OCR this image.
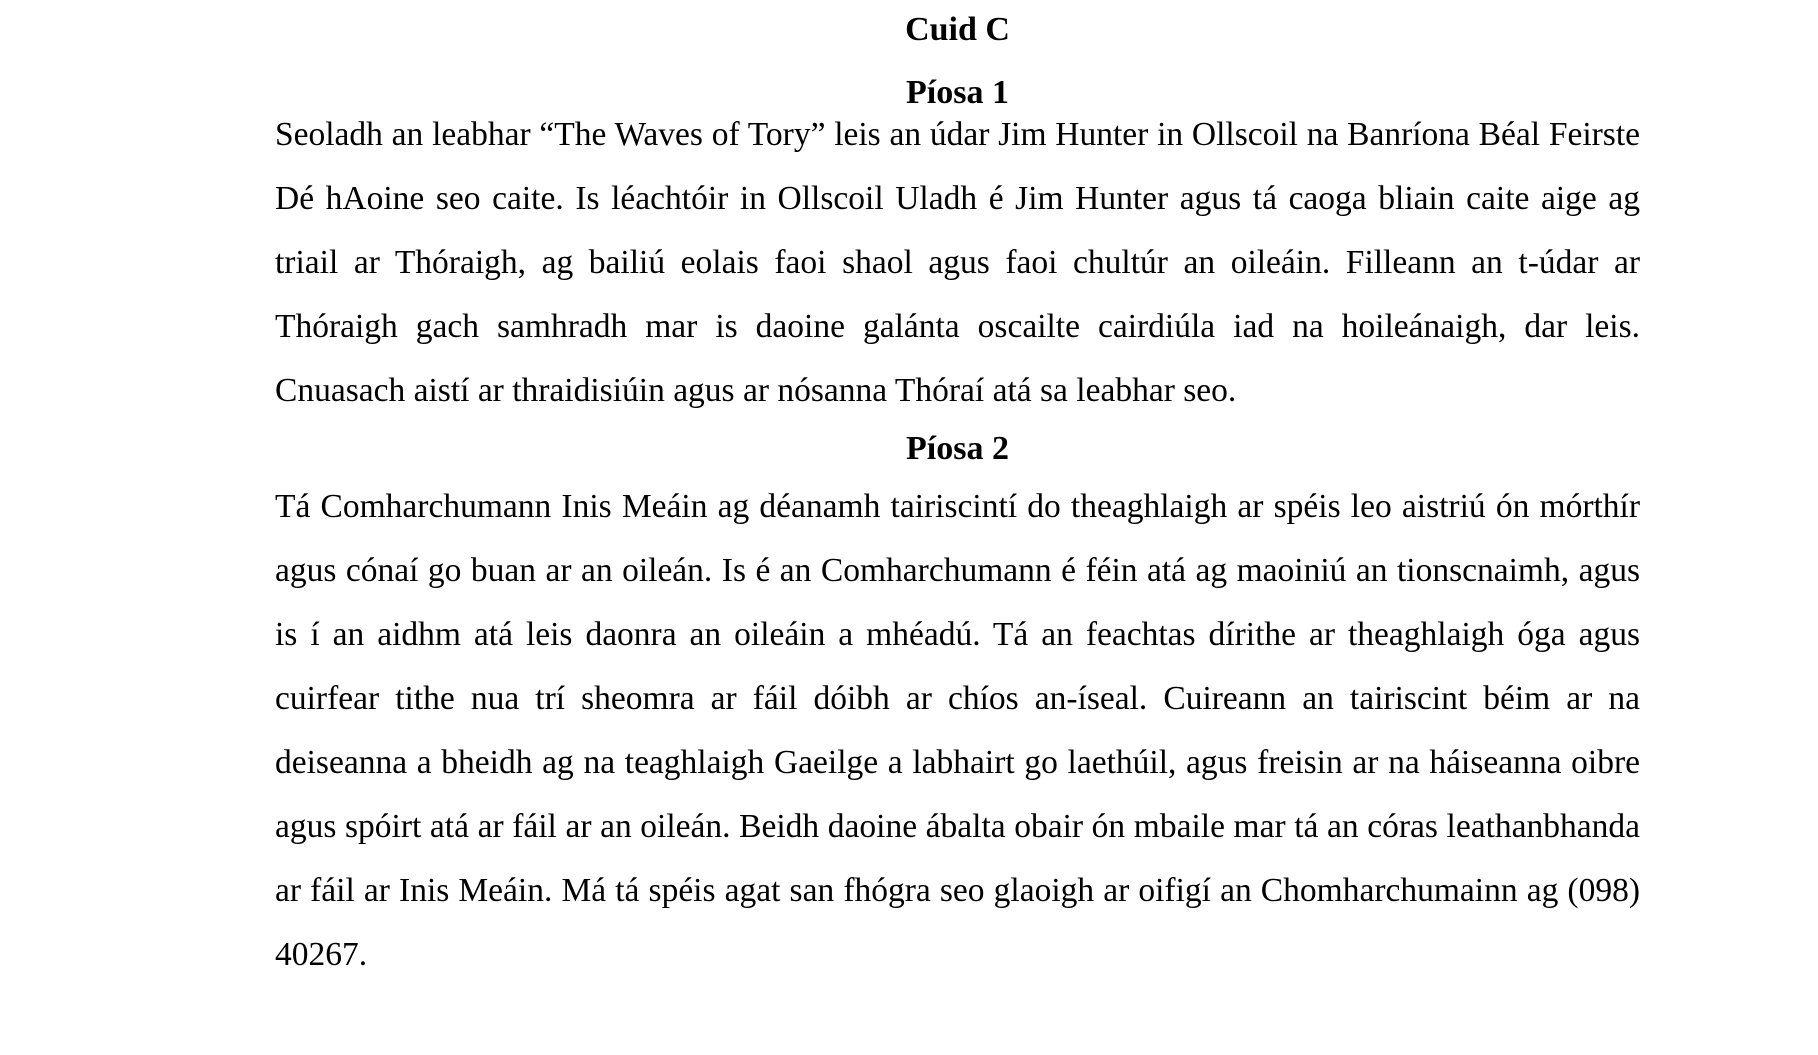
Cuid C
Píosa 1

Seoladh an leabhar “The Waves of Tory” leis an údar Jim Hunter in Ollscoil na Banríona Béal Feirste Dé hAoine seo caite. Is léachtóir in Ollscoil Uladh é Jim Hunter agus tá caoga bliain caite aige ag triail ar Thóraigh, ag bailiú eolais faoi shaol agus faoi chultúr an oileáin. Filleann an t-údar ar Thóraigh gach samhradh mar is daoine galánta oscailte cairdiúla iad na hoileánaigh, dar leis. Cnuasach aistí ar thraidisiúin agus ar nósanna Thóraí atá sa leabhar seo.

Píosa 2

Tá Comharchumann Inis Meáin ag déanamh tairiscintí do theaghlaigh ar spéis leo aistriú ón mórthír agus cónaí go buan ar an oileán. Is é an Comharchumann é féin atá ag maoiniú an tionscnaimh, agus is í an aidhm atá leis daonra an oileáin a mhéadú. Tá an feachtas dírithe ar theaghlaigh óga agus cuirfear tithe nua trí sheomra ar fáil dóibh ar chíos an-íseal. Cuireann an tairiscint béim ar na deiseanna a bheidh ag na teaghlaigh Gaeilge a labhairt go laethúil, agus freisin ar na háiseanna oibre agus spóirt atá ar fáil ar an oileán. Beidh daoine ábalta obair ón mbaile mar tá an córas leathanbhanda ar fáil ar Inis Meáin. Má tá spéis agat san fhógra seo glaoigh ar oifigí an Chomharchumainn ag (098) 40267.
